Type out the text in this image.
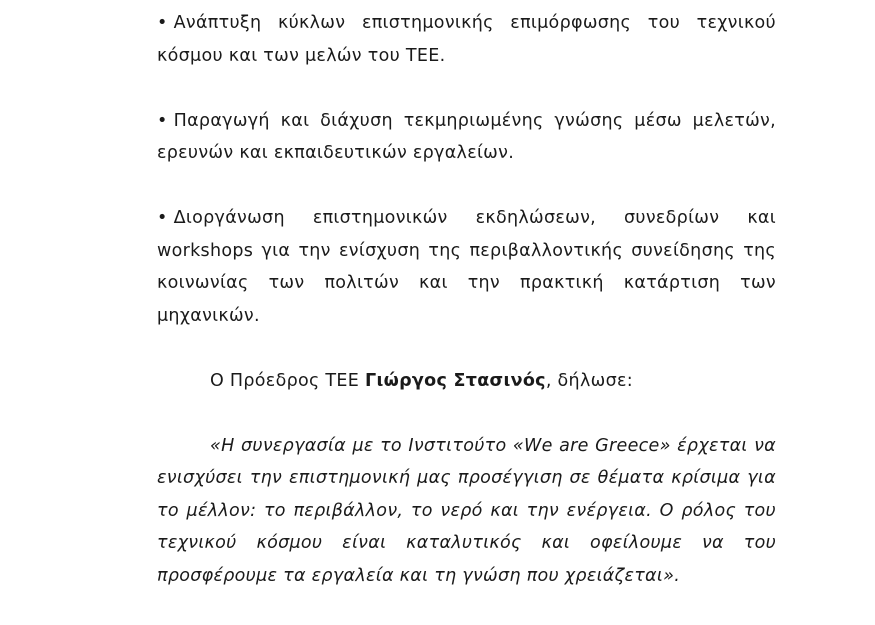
• Ανάπτυξη κύκλων επιστημονικής επιμόρφωσης του τεχνικού κόσμου και των μελών του ΤΕΕ.

• Παραγωγή και διάχυση τεκμηριωμένης γνώσης μέσω μελετών, ερευνών και εκπαιδευτικών εργαλείων.

• Διοργάνωση επιστημονικών εκδηλώσεων, συνεδρίων και workshops για την ενίσχυση της περιβαλλοντικής συνείδησης της κοινωνίας των πολιτών και την πρακτική κατάρτιση των μηχανικών.

Ο Πρόεδρος ΤΕΕ Γιώργος Στασινός, δήλωσε:

«Η συνεργασία με το Ινστιτούτο «We are Greece» έρχεται να ενισχύσει την επιστημονική μας προσέγγιση σε θέματα κρίσιμα για το μέλλον: το περιβάλλον, το νερό και την ενέργεια. Ο ρόλος του τεχνικού κόσμου είναι καταλυτικός και οφείλουμε να του προσφέρουμε τα εργαλεία και τη γνώση που χρειάζεται».
